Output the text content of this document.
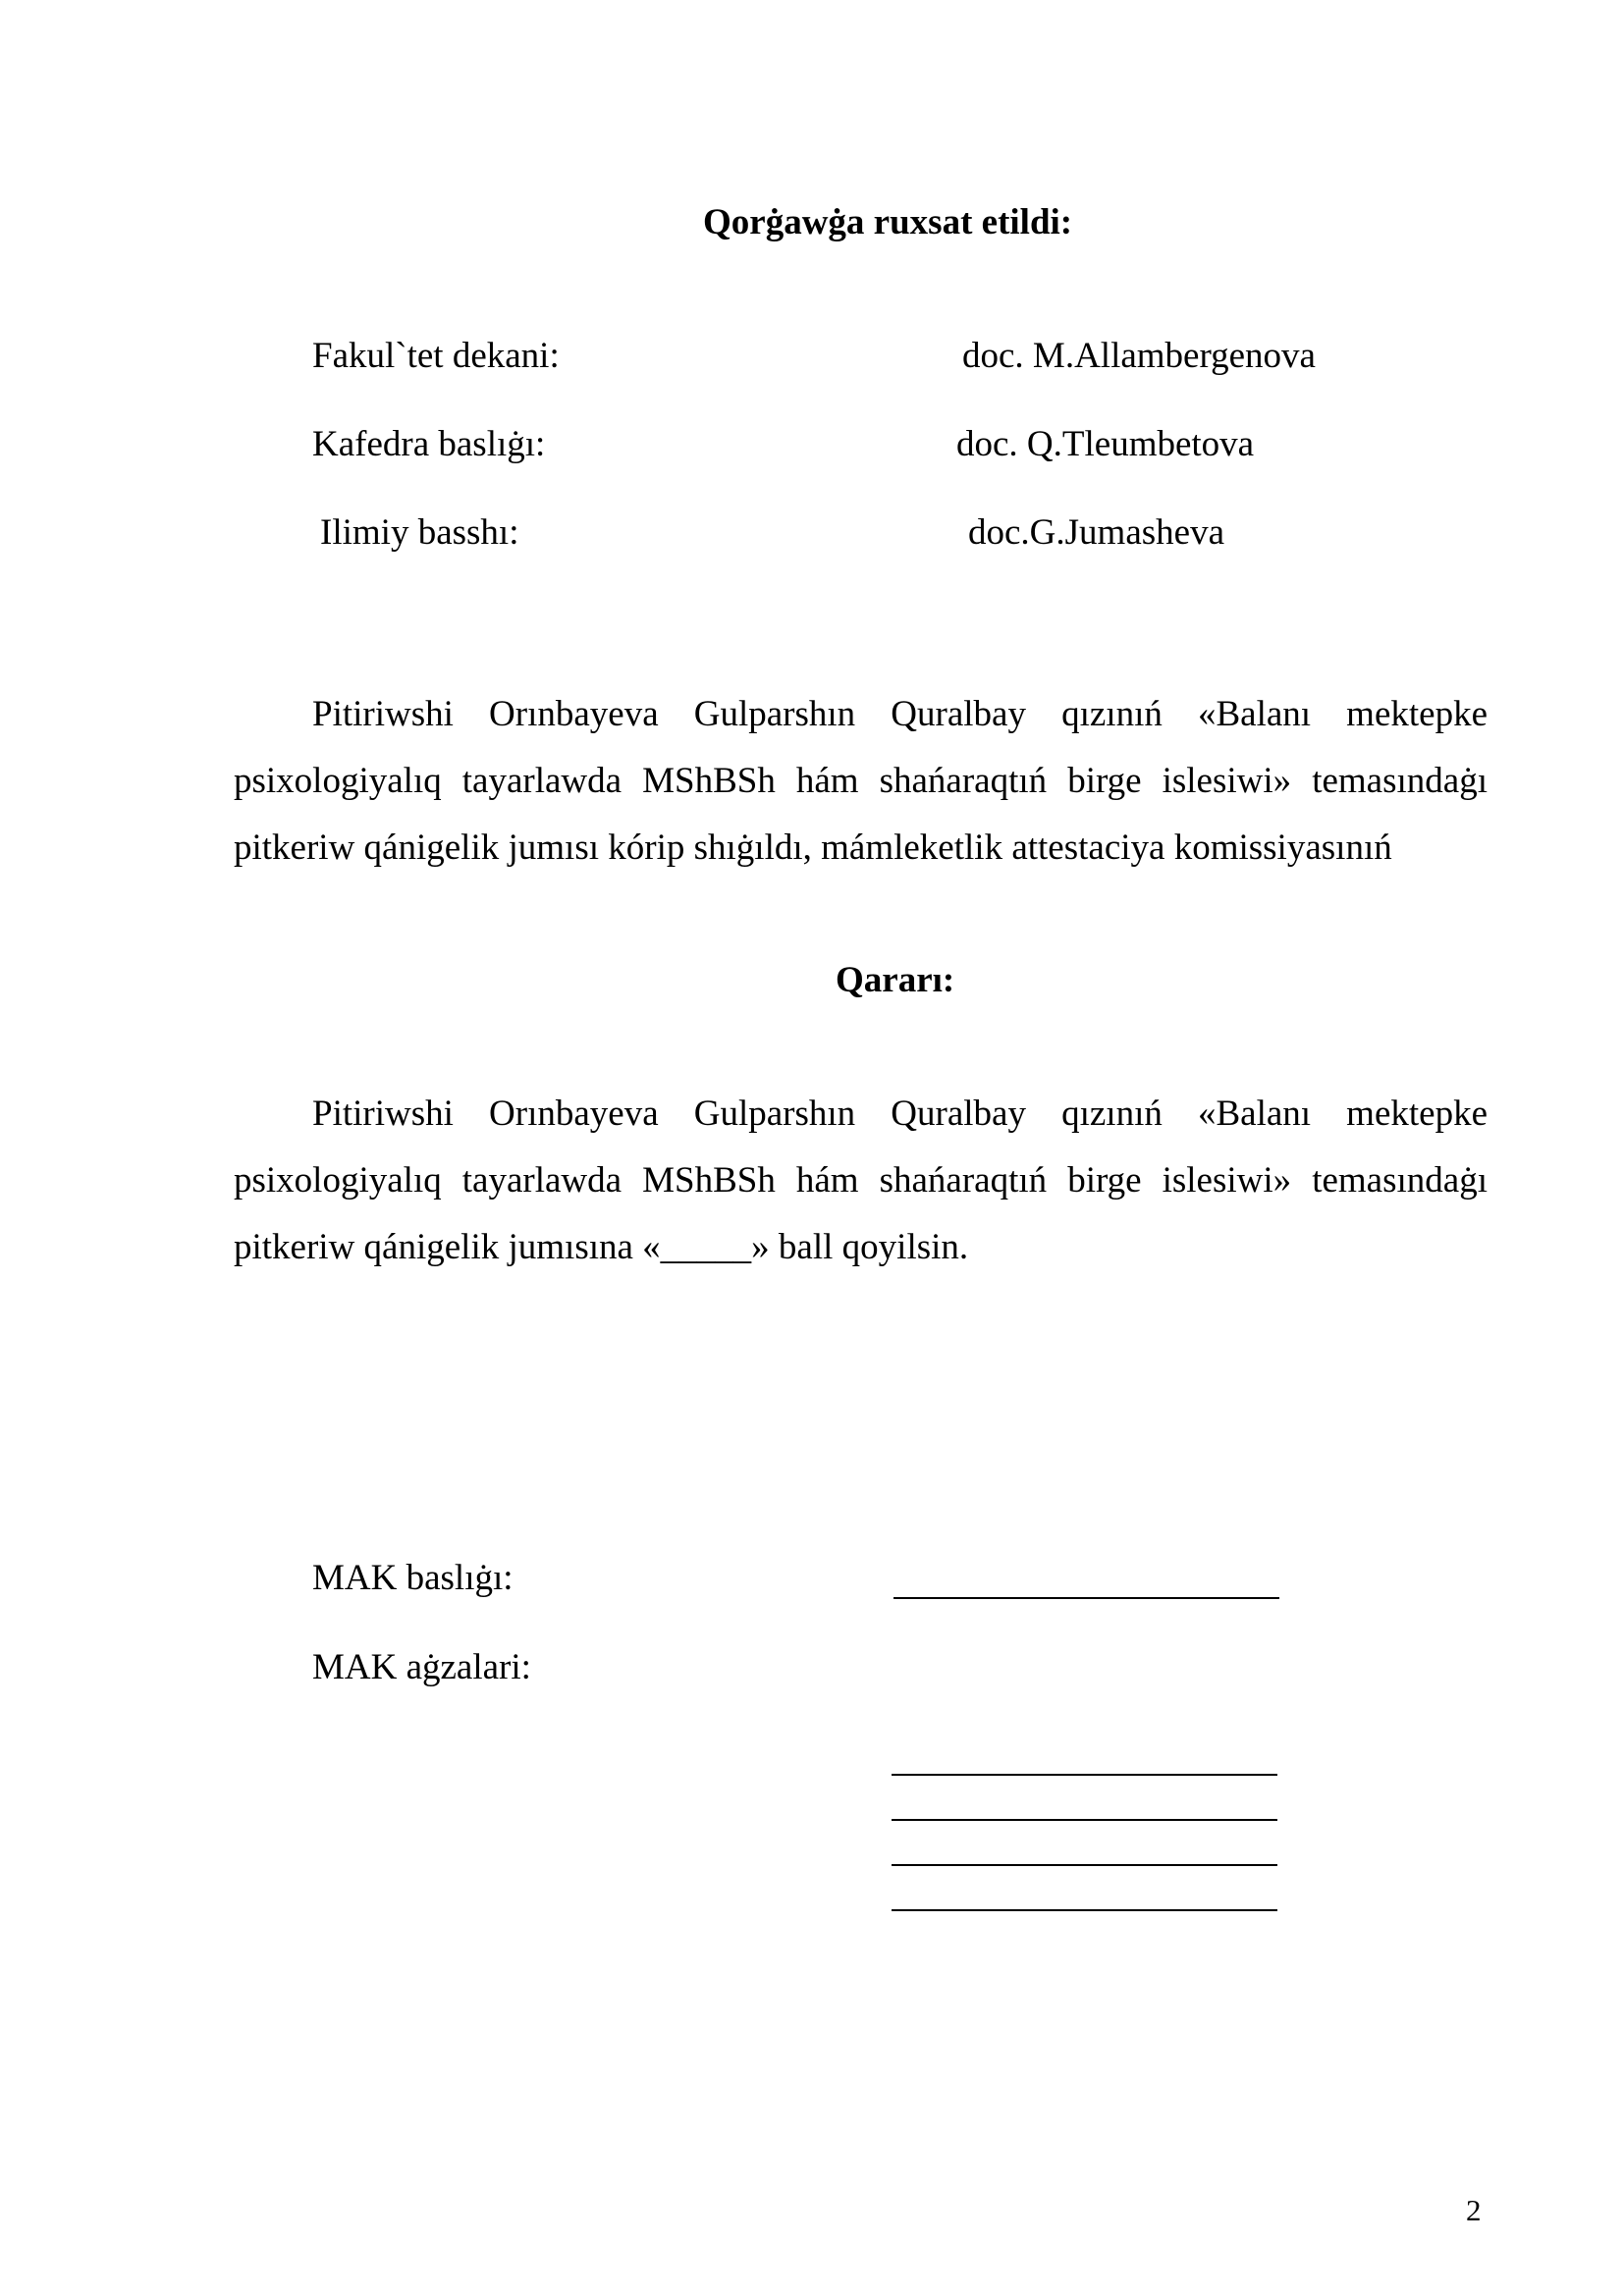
Qorġawġa ruxsat etildi:
Fakul`tet dekani:	doc. M.Allambergenova
Kafedra baslıġı:	doc. Q.Tleumbetova
Ilimiy basshı:	doc.G.Jumasheva

Pitiriwshi Orınbayeva Gulparshın Quralbay qızınıń «Balanı mektepke psixologiyalıq tayarlawda MShBSh hám shańaraqtıń birge islesiwi» temasındaġı pitkeriw qánigelik jumısı kórip shıġıldı, mámleketlik attestaciya komissiyasınıń

Qararı:

Pitiriwshi Orınbayeva Gulparshın Quralbay qızınıń «Balanı mektepke psixologiyalıq tayarlawda MShBSh hám shańaraqtıń birge islesiwi» temasındaġı pitkeriw qánigelik jumısına «_____» ball qoyilsin.

MAK baslıġı:
MAK aġzalari:
2
